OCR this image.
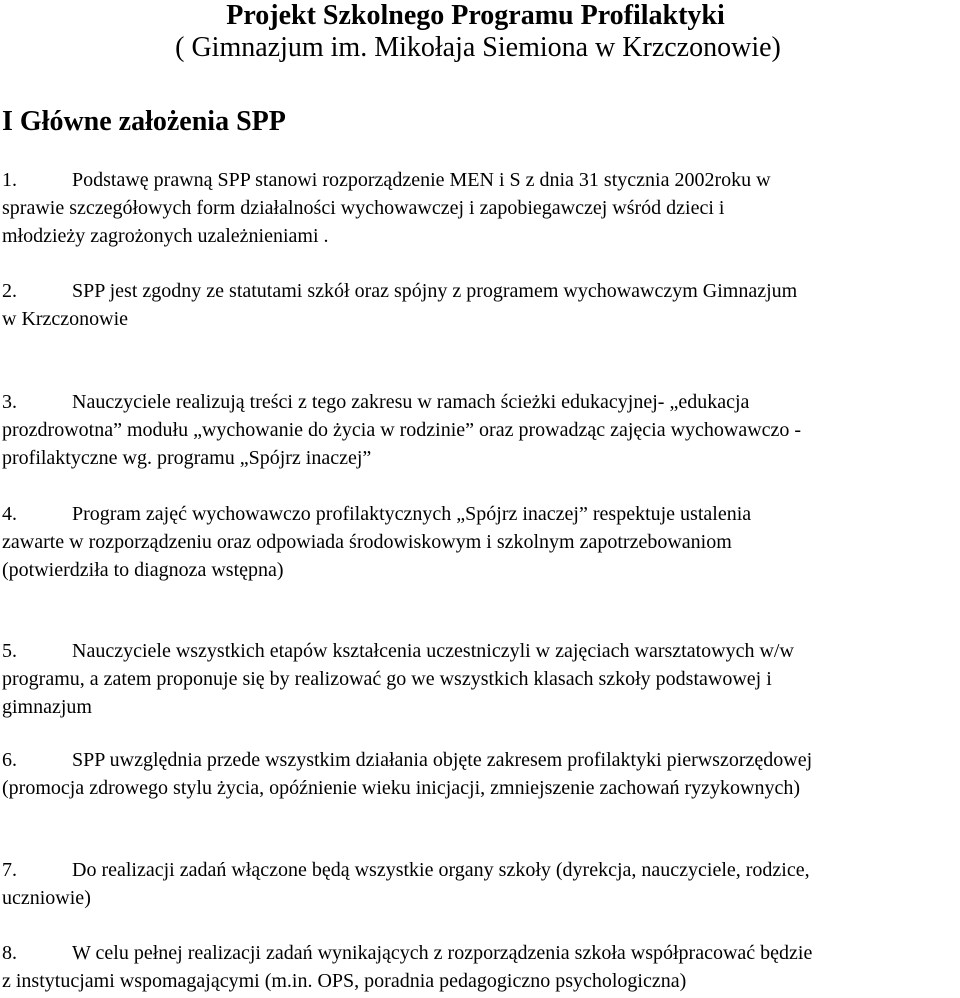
Projekt Szkolnego Programu Profilaktyki
( Gimnazjum im. Mikołaja Siemiona w Krzczonowie)
I Główne założenia SPP
1.	Podstawę prawną SPP stanowi rozporządzenie MEN i S z dnia 31 stycznia 2002roku w
sprawie szczegółowych form działalności wychowawczej i zapobiegawczej wśród dzieci i
młodzieży zagrożonych uzależnieniami .
2.	SPP jest zgodny ze statutami szkół oraz spójny z programem wychowawczym Gimnazjum
w Krzczonowie
3.	Nauczyciele realizują treści z tego zakresu w ramach ścieżki edukacyjnej- „edukacja
prozdrowotna” modułu „wychowanie do życia w rodzinie” oraz prowadząc zajęcia wychowawczo -
profilaktyczne wg. programu „Spójrz inaczej”
4.	Program zajęć wychowawczo profilaktycznych „Spójrz inaczej” respektuje ustalenia
zawarte w rozporządzeniu oraz odpowiada środowiskowym i szkolnym zapotrzebowaniom
(potwierdziła to diagnoza wstępna)
5.	Nauczyciele wszystkich etapów kształcenia uczestniczyli w zajęciach warsztatowych w/w
programu, a zatem proponuje się by realizować go we wszystkich klasach szkoły podstawowej i
gimnazjum
6.	SPP uwzględnia przede wszystkim działania objęte zakresem profilaktyki pierwszorzędowej
(promocja zdrowego stylu życia, opóźnienie wieku inicjacji, zmniejszenie zachowań ryzykownych)
7.	Do realizacji zadań włączone będą wszystkie organy szkoły (dyrekcja, nauczyciele, rodzice,
uczniowie)
8.	W celu pełnej realizacji zadań wynikających z rozporządzenia szkoła współpracować będzie
z instytucjami wspomagającymi (m.in. OPS, poradnia pedagogiczno psychologiczna)
